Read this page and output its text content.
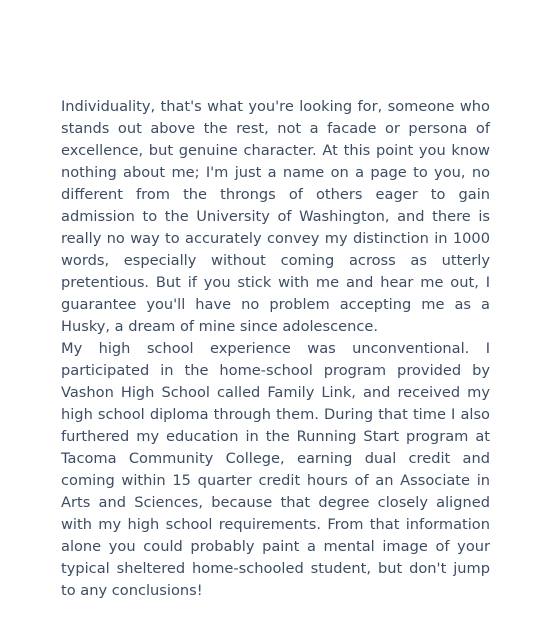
Individuality, that's what you're looking for, someone who stands out above the rest, not a facade or persona of excellence, but genuine character. At this point you know nothing about me; I'm just a name on a page to you, no different from the throngs of others eager to gain admission to the University of Washington, and there is really no way to accurately convey my distinction in 1000 words, especially without coming across as utterly pretentious. But if you stick with me and hear me out, I guarantee you'll have no problem accepting me as a Husky, a dream of mine since adolescence.

My high school experience was unconventional. I participated in the home-school program provided by Vashon High School called Family Link, and received my high school diploma through them. During that time I also furthered my education in the Running Start program at Tacoma Community College, earning dual credit and coming within 15 quarter credit hours of an Associate in Arts and Sciences, because that degree closely aligned with my high school requirements. From that information alone you could probably paint a mental image of your typical sheltered home-schooled student, but don't jump to any conclusions!
